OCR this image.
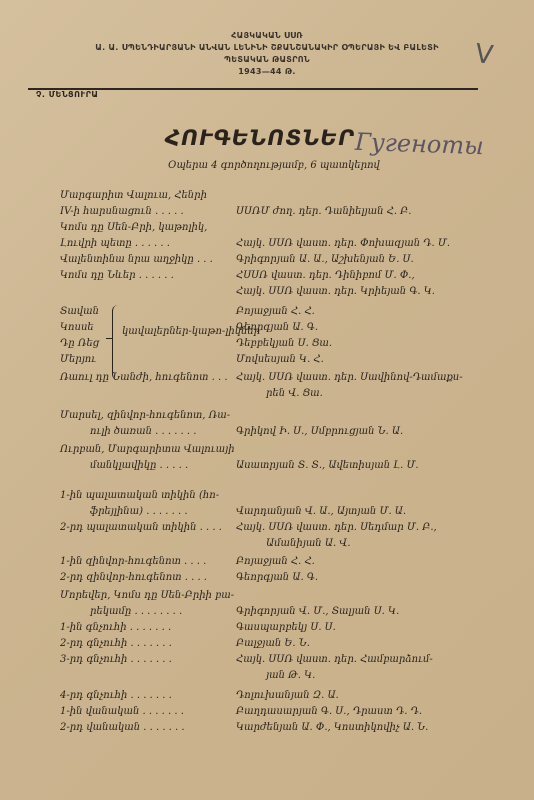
V
ՀԱՅԿԱԿԱՆ ՍՍՌ
Ա. Ա. ՍՊԵՆԴԻԱՐՅԱՆԻ ԱՆՎԱՆ ԼԵՆԻՆԻ ՇՔԱՆՇԱՆԱԿԻՐ ՕՊԵՐԱՅԻ ԵՎ ԲԱԼԵՏԻ
ՊԵՏԱԿԱՆ ԹԱՏՐՈՆ
1943—44 Թ.
Չ. ՄԵՆՑՈՒՐԱ
ՀՈՒԳԵՆՈՏՆԵՐ Гугеноты
Օպերա 4 գործողությամբ, 6 պատկերով
կավալերներ-կաթո-լիկներ
Մարգարիտ Վալուա, Հենրի
IV-ի հարսնացուն . . . . .	ՍՍՌՄ ժող. դեր. Դանիելյան Հ. Բ.
Կոմս դը Սեն-Բրի, կաթոլիկ,
Լուվրի պետը . . . . . .	Հայկ. ՍՍՌ վաստ. դեր. Փոխազյան Դ. Մ.
Վալենտինա նրա աղջիկը . . . Գրիգորյան Ա. Ա., Աշխենյան Ե. Ս.
Կոմս դը Նևեր . . . . . .	ՀՍՍՌ վաստ. դեր. Դինիբոմ Մ. Փ.,
Հայկ. ՍՍՌ վաստ. դեր. Կրիեյան Գ. Կ.
Տավան	Բոյաջյան Հ. Հ.
Կոսսե	Գեորգյան Ա. Գ.
Դը Ռեց	Դեբբեկյան Ս. Ցա.
Մերյու	Մովսեսյան Կ. Հ.
Ռաուլ դը Նանժի, հուգենոտ . . . Հայկ. ՍՍՌ վաստ. դեր. Սավինով-Դամաքս-
րեն Վ. Ցա.
Մարսել, զինվոր-հուգենոտ, Ռա-
ուլի ծառան . . . . . . .	Գրիկով Ի. Ս., Սմբրուցյան Ն. Ա.
Ուրբան, Մարգարիտա Վալուայի
մանկլավիկը . . . . .	Ասատրյան Տ. Տ., Ավետիսյան Լ. Մ.
1-ին պալատական տիկին (հո-
ֆրեյլինա) . . . . . . .	Վարդանյան Վ. Ա., Այտյան Մ. Ա.
2-րդ պալատական տիկին . . . . Հայկ. ՍՍՌ վաստ. դեր. Սեդմար Մ. Բ.,
Ամանիյան Ա. Վ.
1-ին զինվոր-հուգենոտ . . . .	Բոյաջյան Հ. Հ.
2-րդ զինվոր-հուգենոտ . . . .	Գեորգյան Ա. Գ.
Մորեվեր, Կոմս դը Սեն-Բրիի բա-
րեկամը . . . . . . . .	Գրիգորյան Վ. Մ., Տալյան Ս. Կ.
1-ին գնչուհի . . . . . . .	Գասպարբեկյ Ս. Ս.
2-րդ գնչուհի . . . . . . .	Բալջյան Ե. Ն.
3-րդ գնչուհի . . . . . . .	Հայկ. ՍՍՌ վաստ. դեր. Համբարձում-
յան Թ. Կ.
4-րդ գնչուհի . . . . . . .	Դոլուխանյան Զ. Ա.
1-ին վանական . . . . . . .	Բաղդասարյան Գ. Ս., Դրաստ Դ. Դ.
2-րդ վանական . . . . . . .	Կարժենյան Ա. Փ., Կոստիկովիչ Ա. Ն.
